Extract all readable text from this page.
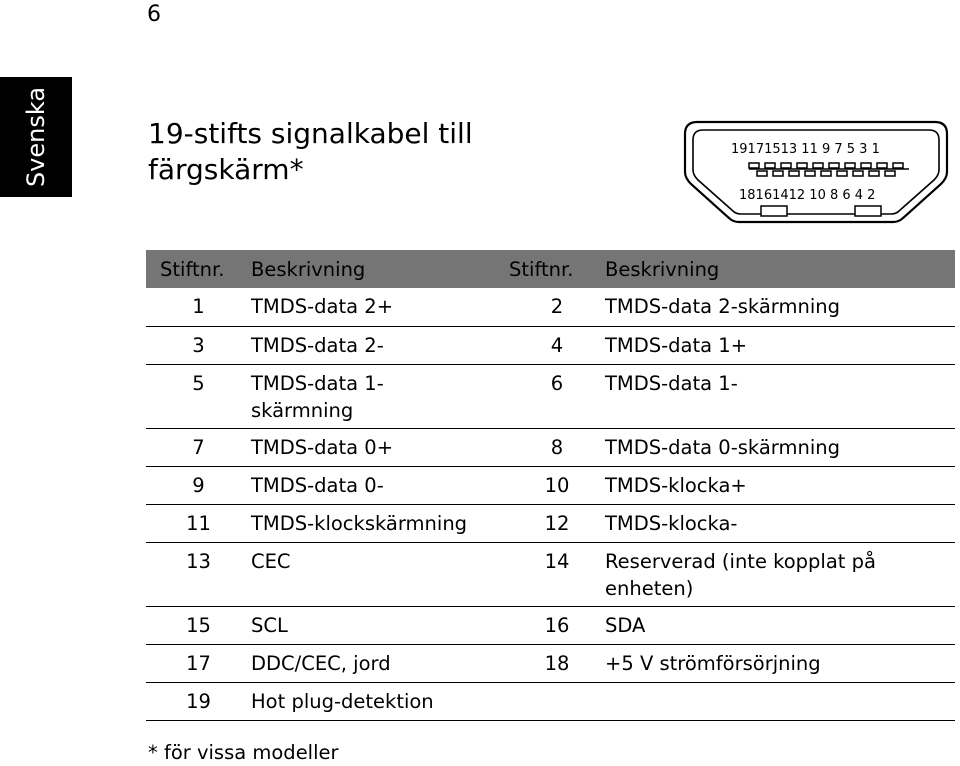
6
Svenska	19-stifts signalkabel till färgskärm*
19171513 11 9 7 5 3 1
18161412 10 8 6 4 2
Stiftnr.	Beskrivning	Stiftnr.	Beskrivning
1	TMDS-data 2+	2	TMDS-data 2-skärmning
3	TMDS-data 2-	4	TMDS-data 1+
5	TMDS-data 1-skärmning	6	TMDS-data 1-
7	TMDS-data 0+	8	TMDS-data 0-skärmning
9	TMDS-data 0-	10	TMDS-klocka+
11	TMDS-klockskärmning	12	TMDS-klocka-
13	CEC	14	Reserverad (inte kopplat på enheten)
15	SCL	16	SDA
17	DDC/CEC, jord	18	+5 V strömförsörjning
19	Hot plug-detektion		
* för vissa modeller
